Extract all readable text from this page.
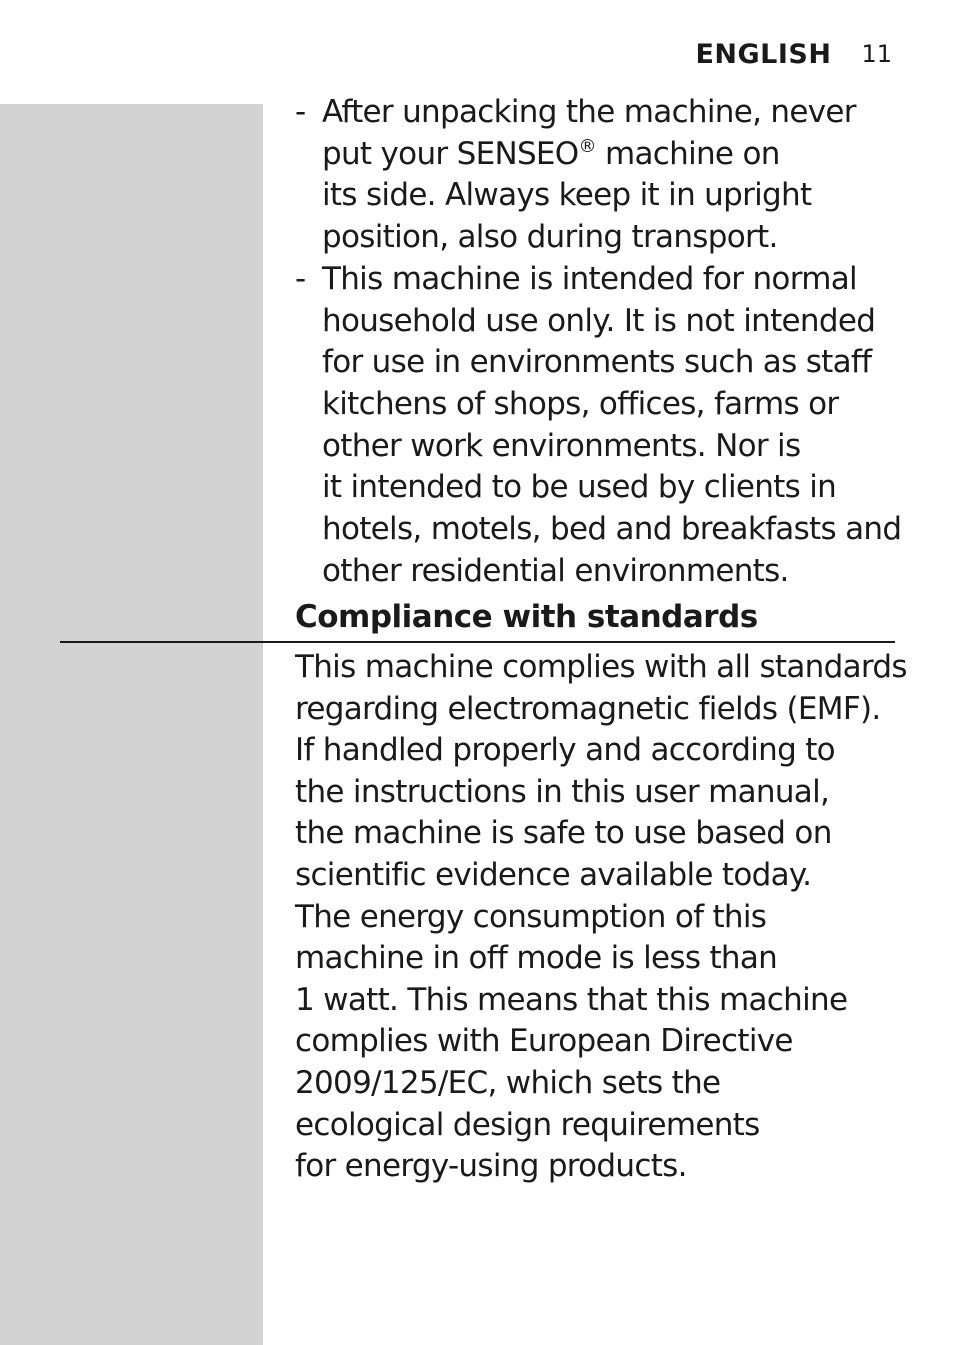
ENGLISH 11
- After unpacking the machine, never
put your SENSEO® machine on
its side. Always keep it in upright
position, also during transport.
- This machine is intended for normal
household use only. It is not intended
for use in environments such as staff
kitchens of shops, offices, farms or
other work environments. Nor is
it intended to be used by clients in
hotels, motels, bed and breakfasts and
other residential environments.
Compliance with standards
This machine complies with all standards
regarding electromagnetic fields (EMF).
If handled properly and according to
the instructions in this user manual,
the machine is safe to use based on
scientific evidence available today.
The energy consumption of this
machine in off mode is less than
1 watt. This means that this machine
complies with European Directive
2009/125/EC, which sets the
ecological design requirements
for energy-using products.
